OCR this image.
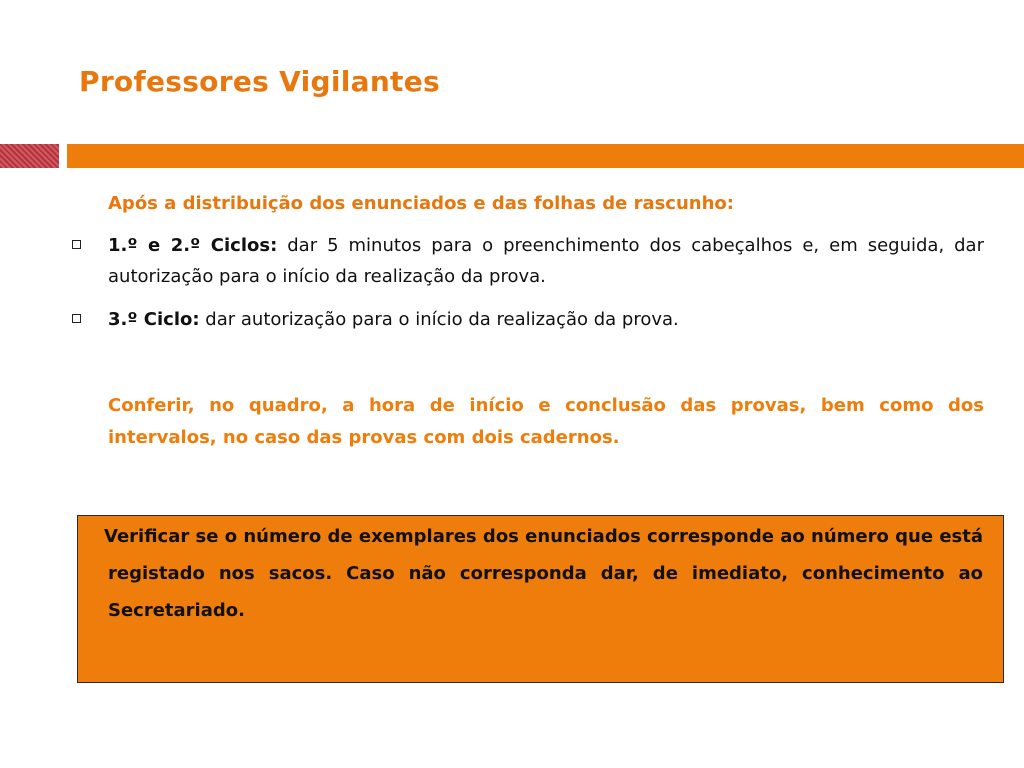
Professores Vigilantes

Após a distribuição dos enunciados e das folhas de rascunho:

1.º e 2.º Ciclos: dar 5 minutos para o preenchimento dos cabeçalhos e, em seguida, dar autorização para o início da realização da prova.
3.º Ciclo: dar autorização para o início da realização da prova.

Conferir, no quadro, a hora de início e conclusão das provas, bem como dos intervalos, no caso das provas com dois cadernos.

Verificar se o número de exemplares dos enunciados corresponde ao número que está registado nos sacos. Caso não corresponda dar, de imediato, conhecimento ao Secretariado.
